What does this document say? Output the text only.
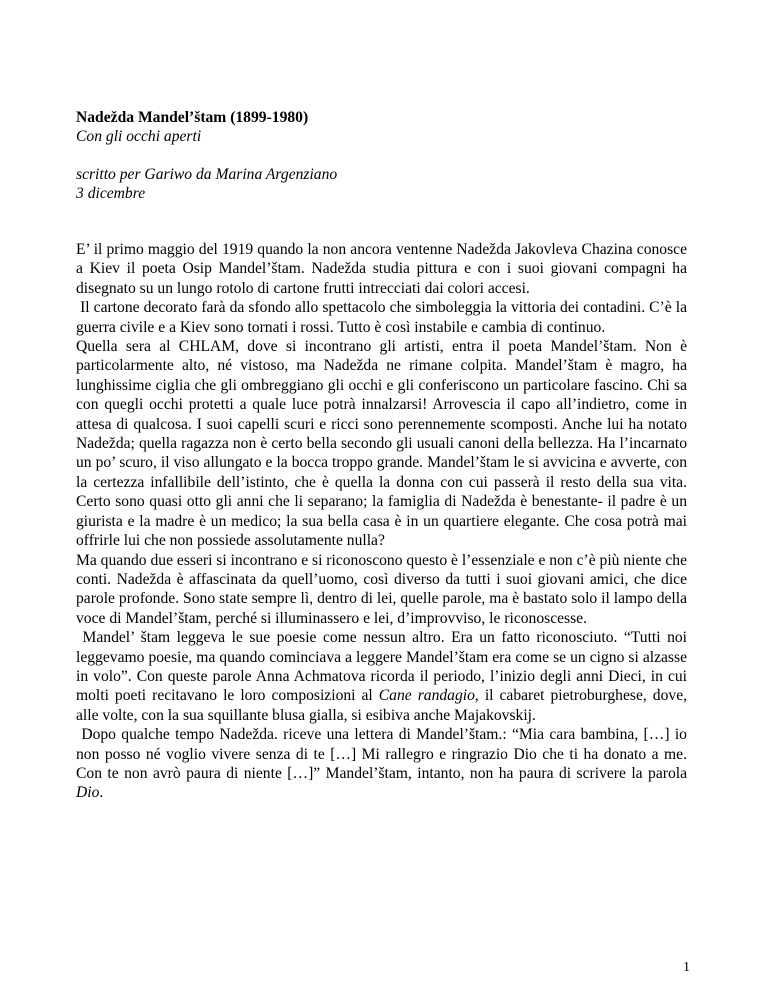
Nadežda Mandel’štam (1899-1980)
Con gli occhi aperti
scritto per Gariwo da Marina Argenziano
3 dicembre

E’ il primo maggio del 1919 quando la non ancora ventenne Nadežda Jakovleva Chazina conosce a Kiev il poeta Osip Mandel’štam. Nadežda studia pittura e con i suoi giovani compagni ha disegnato su un lungo rotolo di cartone frutti intrecciati dai colori accesi.

Il cartone decorato farà da sfondo allo spettacolo che simboleggia la vittoria dei contadini. C’è la guerra civile e a Kiev sono tornati i rossi. Tutto è così instabile e cambia di continuo.

Quella sera al CHLAM, dove si incontrano gli artisti, entra il poeta Mandel’štam. Non è particolarmente alto, né vistoso, ma Nadežda ne rimane colpita. Mandel’štam è magro, ha lunghissime ciglia che gli ombreggiano gli occhi e gli conferiscono un particolare fascino. Chi sa con quegli occhi protetti a quale luce potrà innalzarsi! Arrovescia il capo all’indietro, come in attesa di qualcosa. I suoi capelli scuri e ricci sono perennemente scomposti. Anche lui ha notato Nadežda; quella ragazza non è certo bella secondo gli usuali canoni della bellezza. Ha l’incarnato un po’ scuro, il viso allungato e la bocca troppo grande. Mandel’štam le si avvicina e avverte, con la certezza infallibile dell’istinto, che è quella la donna con cui passerà il resto della sua vita. Certo sono quasi otto gli anni che li separano; la famiglia di Nadežda è benestante- il padre è un giurista e la madre è un medico; la sua bella casa è in un quartiere elegante. Che cosa potrà mai offrirle lui che non possiede assolutamente nulla?

Ma quando due esseri si incontrano e si riconoscono questo è l’essenziale e non c’è più niente che conti. Nadežda è affascinata da quell’uomo, così diverso da tutti i suoi giovani amici, che dice parole profonde. Sono state sempre lì, dentro di lei, quelle parole, ma è bastato solo il lampo della voce di Mandel’štam, perché si illuminassero e lei, d’improvviso, le riconoscesse.

Mandel’ štam leggeva le sue poesie come nessun altro. Era un fatto riconosciuto. “Tutti noi leggevamo poesie, ma quando cominciava a leggere Mandel’štam era come se un cigno si alzasse in volo”. Con queste parole Anna Achmatova ricorda il periodo, l’inizio degli anni Dieci, in cui molti poeti recitavano le loro composizioni al Cane randagio, il cabaret pietroburghese, dove, alle volte, con la sua squillante blusa gialla, si esibiva anche Majakovskij.

Dopo qualche tempo Nadežda. riceve una lettera di Mandel’štam.: “Mia cara bambina, […] io non posso né voglio vivere senza di te […] Mi rallegro e ringrazio Dio che ti ha donato a me. Con te non avrò paura di niente […]” Mandel’štam, intanto, non ha paura di scrivere la parola Dio.

1
